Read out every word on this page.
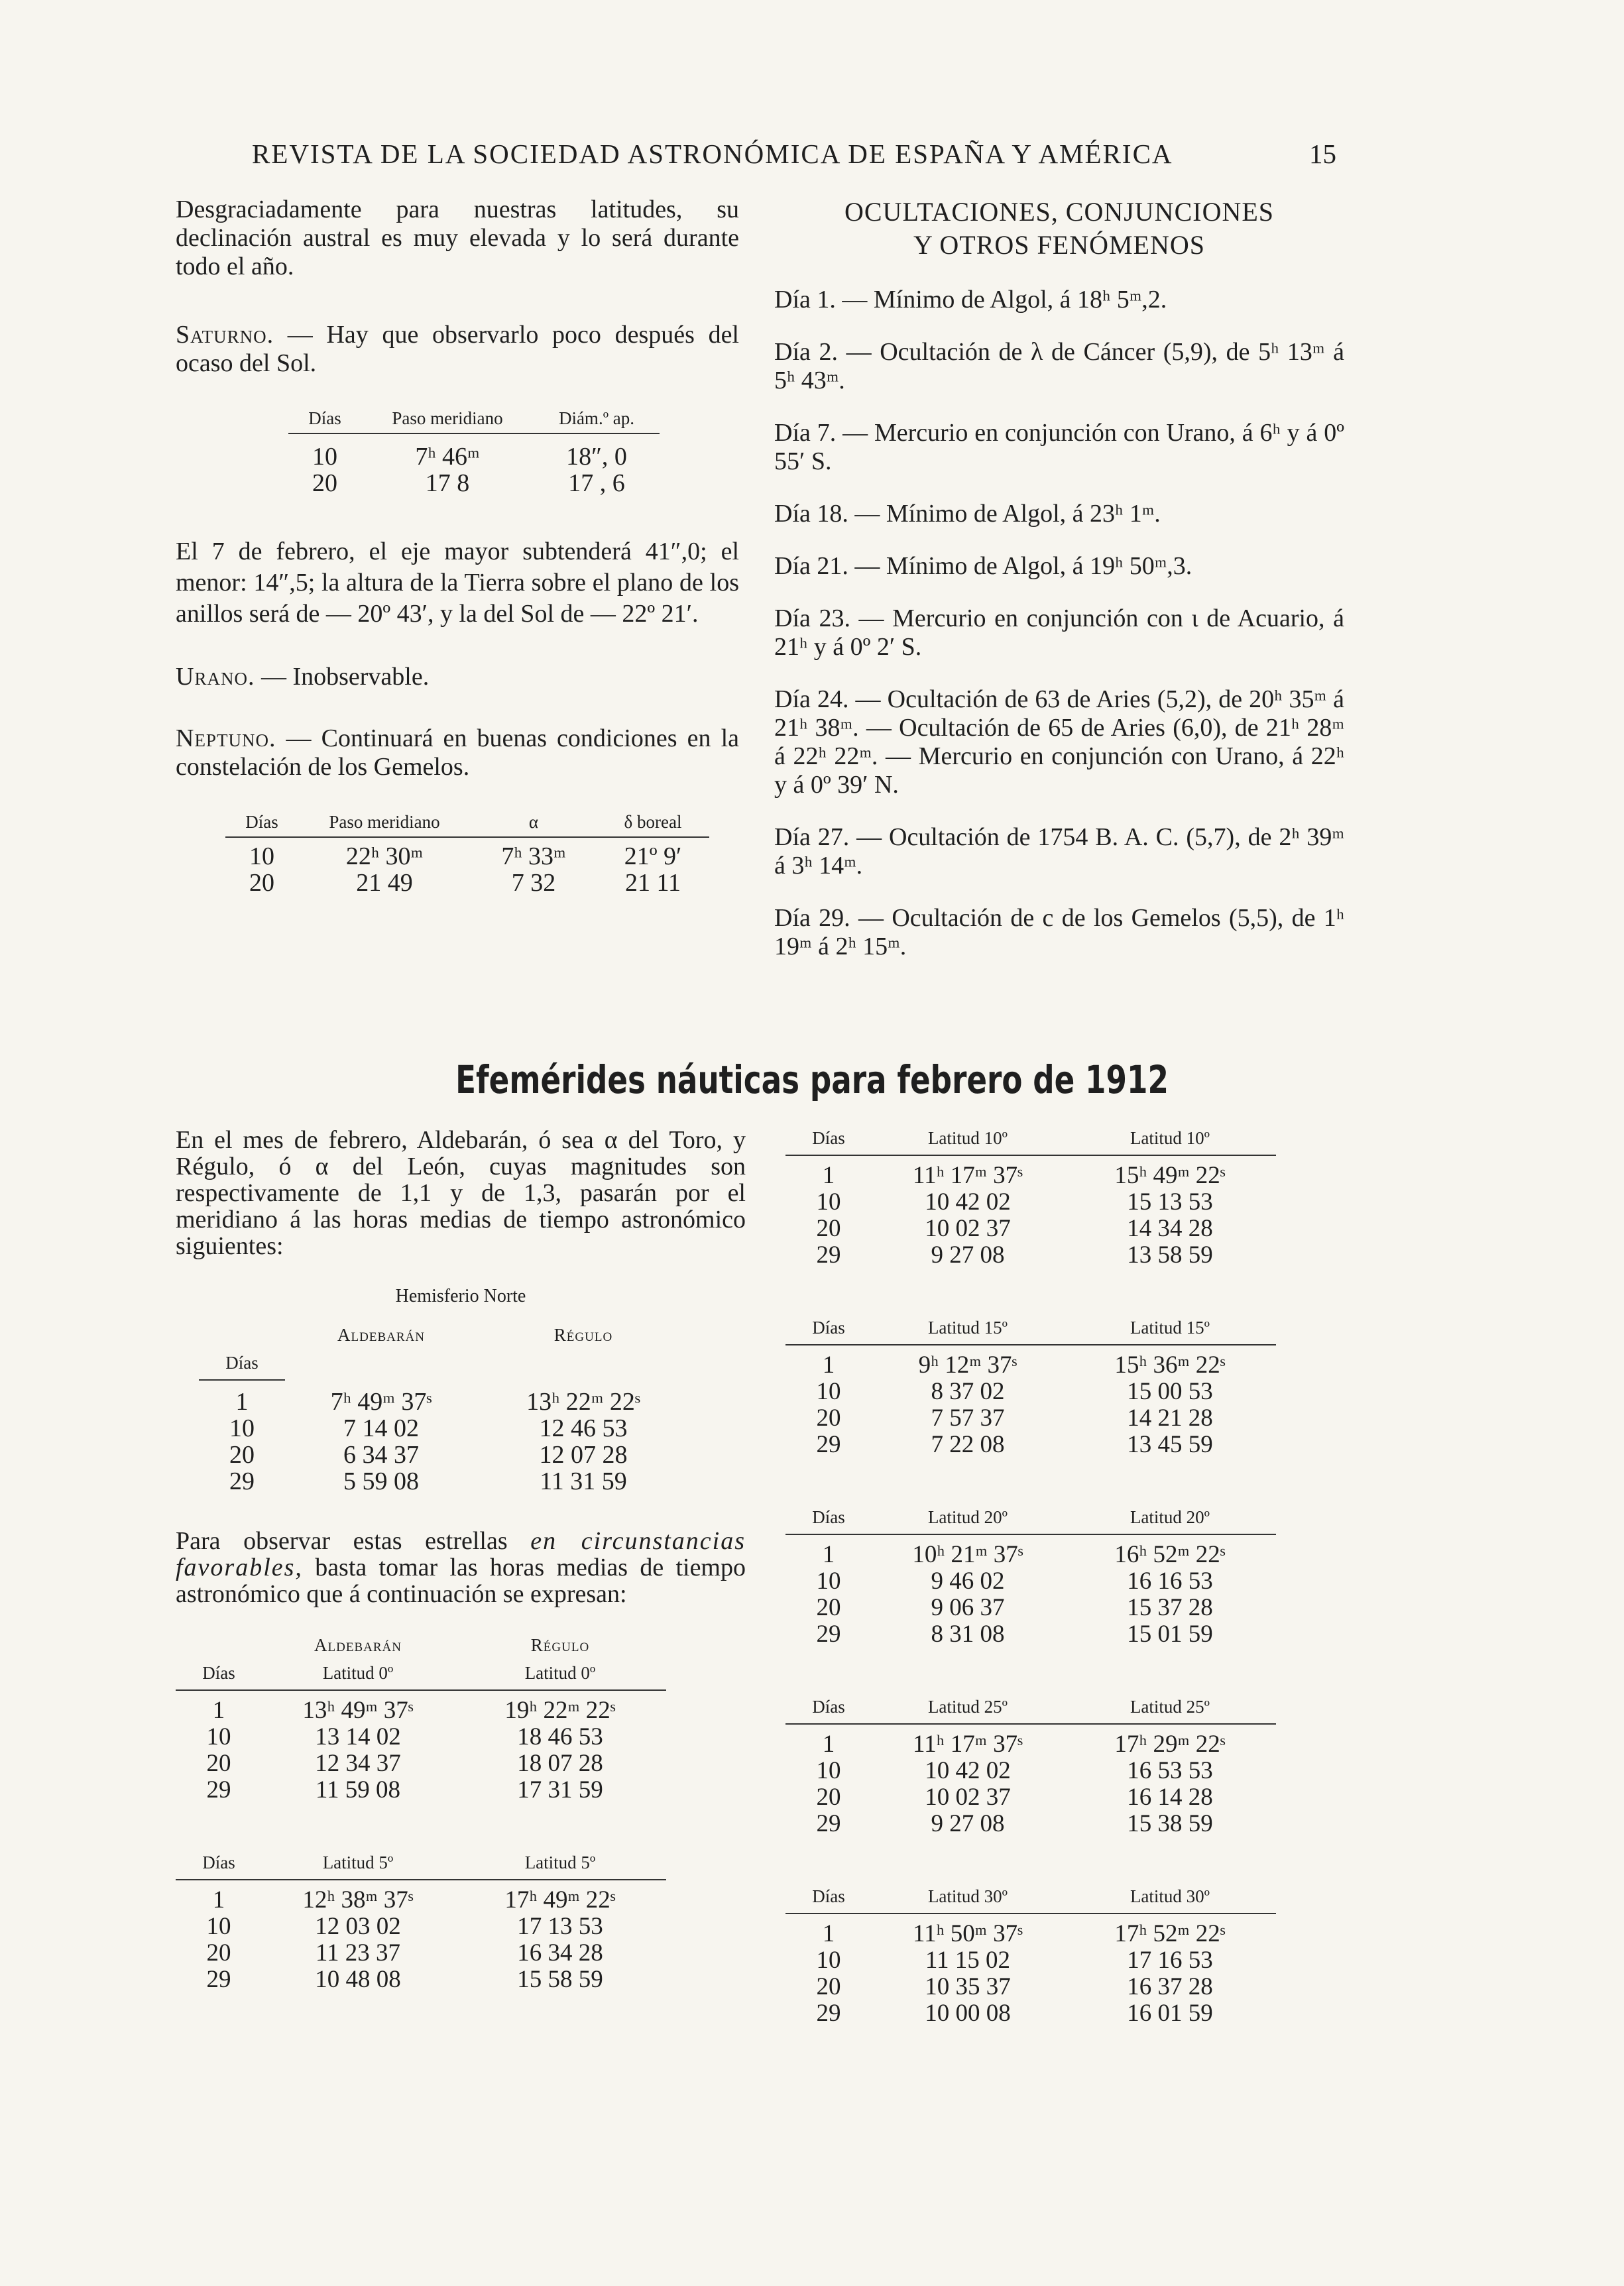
REVISTA DE LA SOCIEDAD ASTRONÓMICA DE ESPAÑA Y AMÉRICA	15

Desgraciadamente para nuestras latitudes, su declinación austral es muy elevada y lo será durante todo el año.

Saturno. — Hay que observarlo poco después del ocaso del Sol.

Días	Paso meridiano	Diám.º ap.
10	7ʰ 46ᵐ	18″, 0
20	17 8	17 , 6

El 7 de febrero, el eje mayor subtenderá 41″,0; el menor: 14″,5; la altura de la Tierra sobre el plano de los anillos será de — 20º 43′, y la del Sol de — 22º 21′.

Urano. — Inobservable.

Neptuno. — Continuará en buenas condiciones en la constelación de los Gemelos.

Días	Paso meridiano	α	δ boreal
10	22ʰ 30ᵐ	7ʰ 33ᵐ	21º 9′
20	21 49	7 32	21 11
OCULTACIONES, CONJUNCIONES
Y OTROS FENÓMENOS

Día 1. — Mínimo de Algol, á 18ʰ 5ᵐ,2.

Día 2. — Ocultación de λ de Cáncer (5,9), de 5ʰ 13ᵐ á 5ʰ 43ᵐ.

Día 7. — Mercurio en conjunción con Urano, á 6ʰ y á 0º 55′ S.

Día 18. — Mínimo de Algol, á 23ʰ 1ᵐ.

Día 21. — Mínimo de Algol, á 19ʰ 50ᵐ,3.

Día 23. — Mercurio en conjunción con ι de Acuario, á 21ʰ y á 0º 2′ S.

Día 24. — Ocultación de 63 de Aries (5,2), de 20ʰ 35ᵐ á 21ʰ 38ᵐ. — Ocultación de 65 de Aries (6,0), de 21ʰ 28ᵐ á 22ʰ 22ᵐ. — Mercurio en conjunción con Urano, á 22ʰ y á 0º 39′ N.

Día 27. — Ocultación de 1754 B. A. C. (5,7), de 2ʰ 39ᵐ á 3ʰ 14ᵐ.

Día 29. — Ocultación de c de los Gemelos (5,5), de 1ʰ 19ᵐ á 2ʰ 15ᵐ.

Efemérides náuticas para febrero de 1912

En el mes de febrero, Aldebarán, ó sea α del Toro, y Régulo, ó α del León, cuyas magnitudes son respectivamente de 1,1 y de 1,3, pasarán por el meridiano á las horas medias de tiempo astronómico siguientes:

Hemisferio Norte
	Aldebarán	Régulo
Días		
1	7ʰ 49ᵐ 37ˢ	13ʰ 22ᵐ 22ˢ
10	7 14 02	12 46 53
20	6 34 37	12 07 28
29	5 59 08	11 31 59

Para observar estas estrellas en circunstancias favorables, basta tomar las horas medias de tiempo astronómico que á continuación se expresan:

	Aldebarán	Régulo
Días	Latitud 0º	Latitud 0º
1	13ʰ 49ᵐ 37ˢ	19ʰ 22ᵐ 22ˢ
10	13 14 02	18 46 53
20	12 34 37	18 07 28
29	11 59 08	17 31 59
Días	Latitud 5º	Latitud 5º
1	12ʰ 38ᵐ 37ˢ	17ʰ 49ᵐ 22ˢ
10	12 03 02	17 13 53
20	11 23 37	16 34 28
29	10 48 08	15 58 59
Días	Latitud 10º	Latitud 10º
1	11ʰ 17ᵐ 37ˢ	15ʰ 49ᵐ 22ˢ
10	10 42 02	15 13 53
20	10 02 37	14 34 28
29	9 27 08	13 58 59
Días	Latitud 15º	Latitud 15º
1	9ʰ 12ᵐ 37ˢ	15ʰ 36ᵐ 22ˢ
10	8 37 02	15 00 53
20	7 57 37	14 21 28
29	7 22 08	13 45 59
Días	Latitud 20º	Latitud 20º
1	10ʰ 21ᵐ 37ˢ	16ʰ 52ᵐ 22ˢ
10	9 46 02	16 16 53
20	9 06 37	15 37 28
29	8 31 08	15 01 59
Días	Latitud 25º	Latitud 25º
1	11ʰ 17ᵐ 37ˢ	17ʰ 29ᵐ 22ˢ
10	10 42 02	16 53 53
20	10 02 37	16 14 28
29	9 27 08	15 38 59
Días	Latitud 30º	Latitud 30º
1	11ʰ 50ᵐ 37ˢ	17ʰ 52ᵐ 22ˢ
10	11 15 02	17 16 53
20	10 35 37	16 37 28
29	10 00 08	16 01 59
